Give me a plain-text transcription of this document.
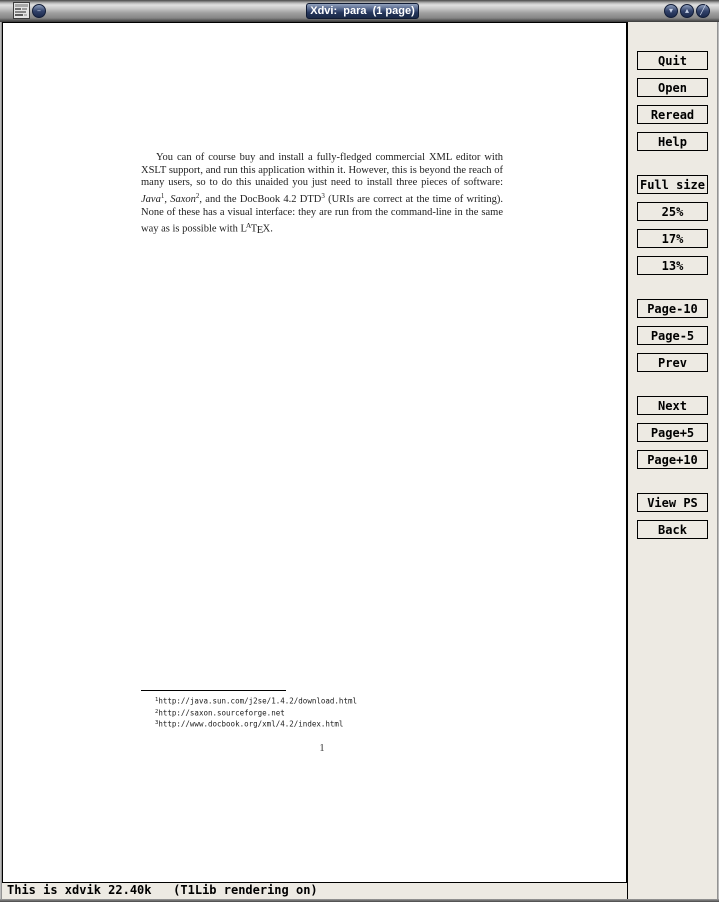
–	Xdvi:  para  (1 page)	▾	▴	╱
You can of course buy and install a fully-fledged commercial XML editor with XSLT support, and run this application within it. However, this is beyond the reach of many users, so to do this unaided you just need to install three pieces of software: Java$^1$, Saxon$^2$, and the DocBook 4.2 DTD$^3$ (URIs are correct at the time of writing). None of these has a visual interface: they are run from the command-line in the same way as is possible with $L^ATEX$.
$^1$http://java.sun.com/j2se/1.4.2/download.html
$^2$http://saxon.sourceforge.net
$^3$http://www.docbook.org/xml/4.2/index.html
1
Quit
Open
Reread
Help
Full size
25%
17%
13%
Page-10
Page-5
Prev
Next
Page+5
Page+10
View PS
Back
This is xdvik 22.40k   (T1Lib rendering on)
